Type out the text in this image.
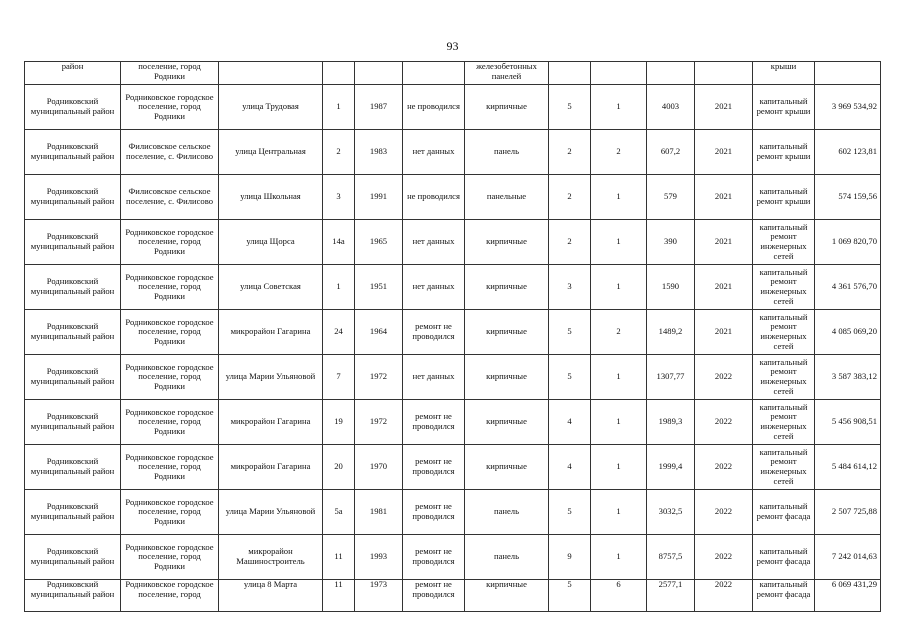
93
район	поселение, город Родники					железобетонных панелей					крыши	
Родниковский муниципальный район	Родниковское городское поселение, город Родники	улица Трудовая	1	1987	не проводился	кирпичные	5	1	4003	2021	капитальный ремонт крыши	3 969 534,92
Родниковский муниципальный район	Филисовское сельское поселение, с. Филисово	улица Центральная	2	1983	нет данных	панель	2	2	607,2	2021	капитальный ремонт крыши	602 123,81
Родниковский муниципальный район	Филисовское сельское поселение, с. Филисово	улица Школьная	3	1991	не проводился	панельные	2	1	579	2021	капитальный ремонт крыши	574 159,56
Родниковский муниципальный район	Родниковское городское поселение, город Родники	улица Щорса	14а	1965	нет данных	кирпичные	2	1	390	2021	капитальный ремонт инженерных сетей	1 069 820,70
Родниковский муниципальный район	Родниковское городское поселение, город Родники	улица Советская	1	1951	нет данных	кирпичные	3	1	1590	2021	капитальный ремонт инженерных сетей	4 361 576,70
Родниковский муниципальный район	Родниковское городское поселение, город Родники	микрорайон Гагарина	24	1964	ремонт не проводился	кирпичные	5	2	1489,2	2021	капитальный ремонт инженерных сетей	4 085 069,20
Родниковский муниципальный район	Родниковское городское поселение, город Родники	улица Марии Ульяновой	7	1972	нет данных	кирпичные	5	1	1307,77	2022	капитальный ремонт инженерных сетей	3 587 383,12
Родниковский муниципальный район	Родниковское городское поселение, город Родники	микрорайон Гагарина	19	1972	ремонт не проводился	кирпичные	4	1	1989,3	2022	капитальный ремонт инженерных сетей	5 456 908,51
Родниковский муниципальный район	Родниковское городское поселение, город Родники	микрорайон Гагарина	20	1970	ремонт не проводился	кирпичные	4	1	1999,4	2022	капитальный ремонт инженерных сетей	5 484 614,12
Родниковский муниципальный район	Родниковское городское поселение, город Родники	улица Марии Ульяновой	5а	1981	ремонт не проводился	панель	5	1	3032,5	2022	капитальный ремонт фасада	2 507 725,88
Родниковский муниципальный район	Родниковское городское поселение, город Родники	микрорайон Машиностроитель	11	1993	ремонт не проводился	панель	9	1	8757,5	2022	капитальный ремонт фасада	7 242 014,63
Родниковский муниципальный район	Родниковское городское поселение, город	улица 8 Марта	11	1973	ремонт не проводился	кирпичные	5	6	2577,1	2022	капитальный ремонт фасада	6 069 431,29
